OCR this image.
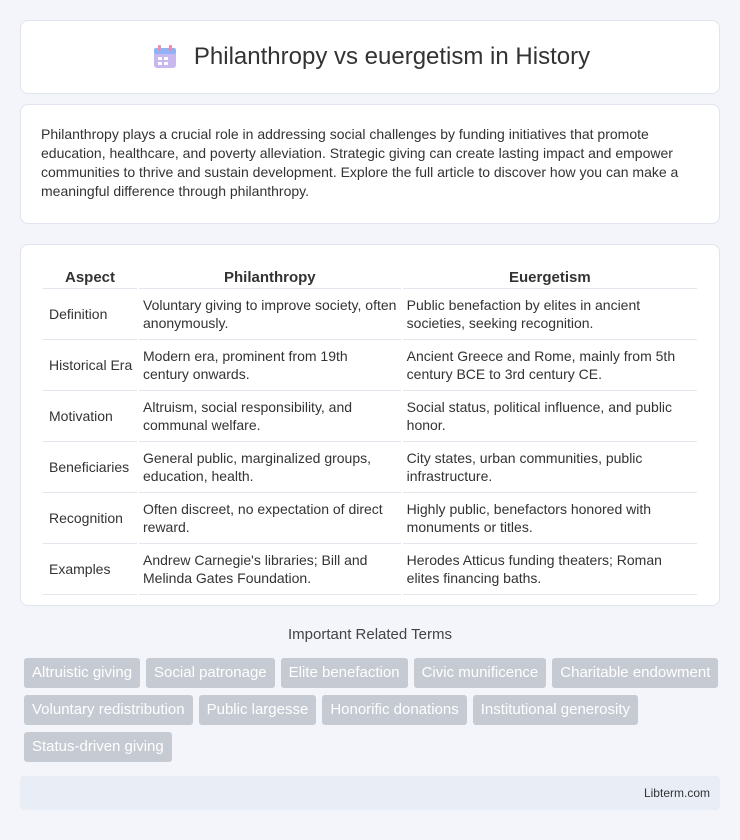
Philanthropy vs euergetism in History

Philanthropy plays a crucial role in addressing social challenges by funding initiatives that promote education, healthcare, and poverty alleviation. Strategic giving can create lasting impact and empower communities to thrive and sustain development. Explore the full article to discover how you can make a meaningful difference through philanthropy.

Aspect	Philanthropy	Euergetism
Definition	Voluntary giving to improve society, often anonymously.	Public benefaction by elites in ancient societies, seeking recognition.
Historical Era	Modern era, prominent from 19th century onwards.	Ancient Greece and Rome, mainly from 5th century BCE to 3rd century CE.
Motivation	Altruism, social responsibility, and communal welfare.	Social status, political influence, and public honor.
Beneficiaries	General public, marginalized groups, education, health.	City states, urban communities, public infrastructure.
Recognition	Often discreet, no expectation of direct reward.	Highly public, benefactors honored with monuments or titles.
Examples	Andrew Carnegie's libraries; Bill and Melinda Gates Foundation.	Herodes Atticus funding theaters; Roman elites financing baths.
Important Related Terms
Altruistic giving	Social patronage	Elite benefaction	Civic munificence	Charitable endowment
Voluntary redistribution	Public largesse	Honorific donations	Institutional generosity
Status-driven giving
Libterm.com
